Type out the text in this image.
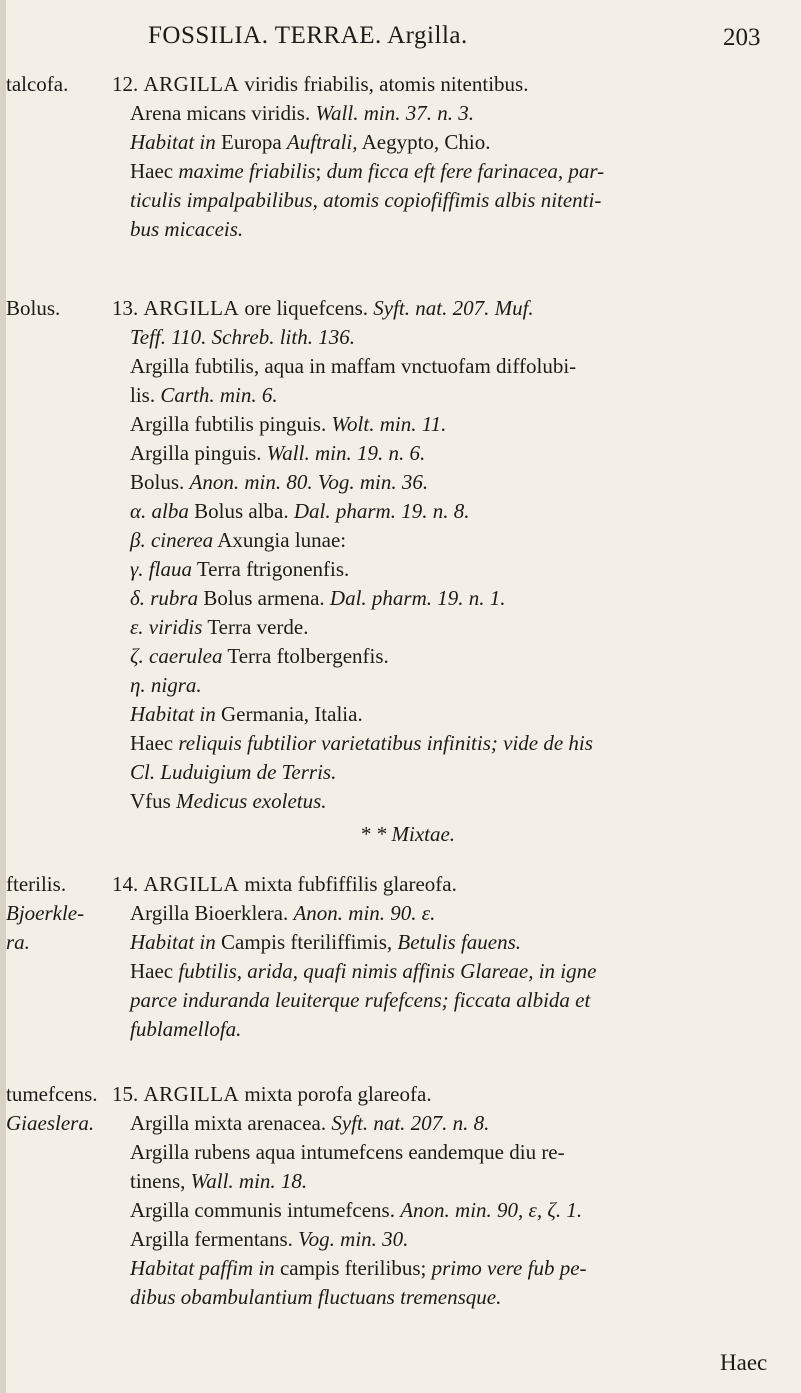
FOSSILIA. TERRAE. Argilla.	203
talcofa. 12. ARGILLA viridis friabilis, atomis nitentibus.
Arena micans viridis. Wall. min. 37. n. 3.
Habitat in Europa Auftrali, Aegypto, Chio.
Haec maxime friabilis; dum ficca eft fere farinacea, par-
ticulis impalpabilibus, atomis copiofiffimis albis nitenti-
bus micaceis.
Bolus. 13. ARGILLA ore liquefcens. Syft. nat. 207. Muf.
Teff. 110. Schreb. lith. 136.
Argilla fubtilis, aqua in maffam vnctuofam diffolubi-
lis. Carth. min. 6.
Argilla fubtilis pinguis. Wolt. min. 11.
Argilla pinguis. Wall. min. 19. n. 6.
Bolus. Anon. min. 80. Vog. min. 36.
α. alba Bolus alba. Dal. pharm. 19. n. 8.
β. cinerea Axungia lunae:
γ. flaua Terra ftrigonenfis.
δ. rubra Bolus armena. Dal. pharm. 19. n. 1.
ε. viridis Terra verde.
ζ. caerulea Terra ftolbergenfis.
η. nigra.
Habitat in Germania, Italia.
Haec reliquis fubtilior varietatibus infinitis; vide de his
Cl. Luduigium de Terris.
Vfus Medicus exoletus.
* * Mixtae.
fterilis.
Bjoerkle-
ra.
14. ARGILLA mixta fubfiffilis glareofa.
Argilla Bioerklera. Anon. min. 90. ε.
Habitat in Campis fteriliffimis, Betulis fauens.
Haec fubtilis, arida, quafi nimis affinis Glareae, in igne
parce induranda leuiterque rufefcens; ficcata albida et
fublamellofa.
tumefcens.
Giaeslera.
15. ARGILLA mixta porofa glareofa.
Argilla mixta arenacea. Syft. nat. 207. n. 8.
Argilla rubens aqua intumefcens eandemque diu re-
tinens, Wall. min. 18.
Argilla communis intumefcens. Anon. min. 90, ε, ζ. 1.
Argilla fermentans. Vog. min. 30.
Habitat paffim in campis fterilibus; primo vere fub pe-
dibus obambulantium fluctuans tremensque.
Haec
